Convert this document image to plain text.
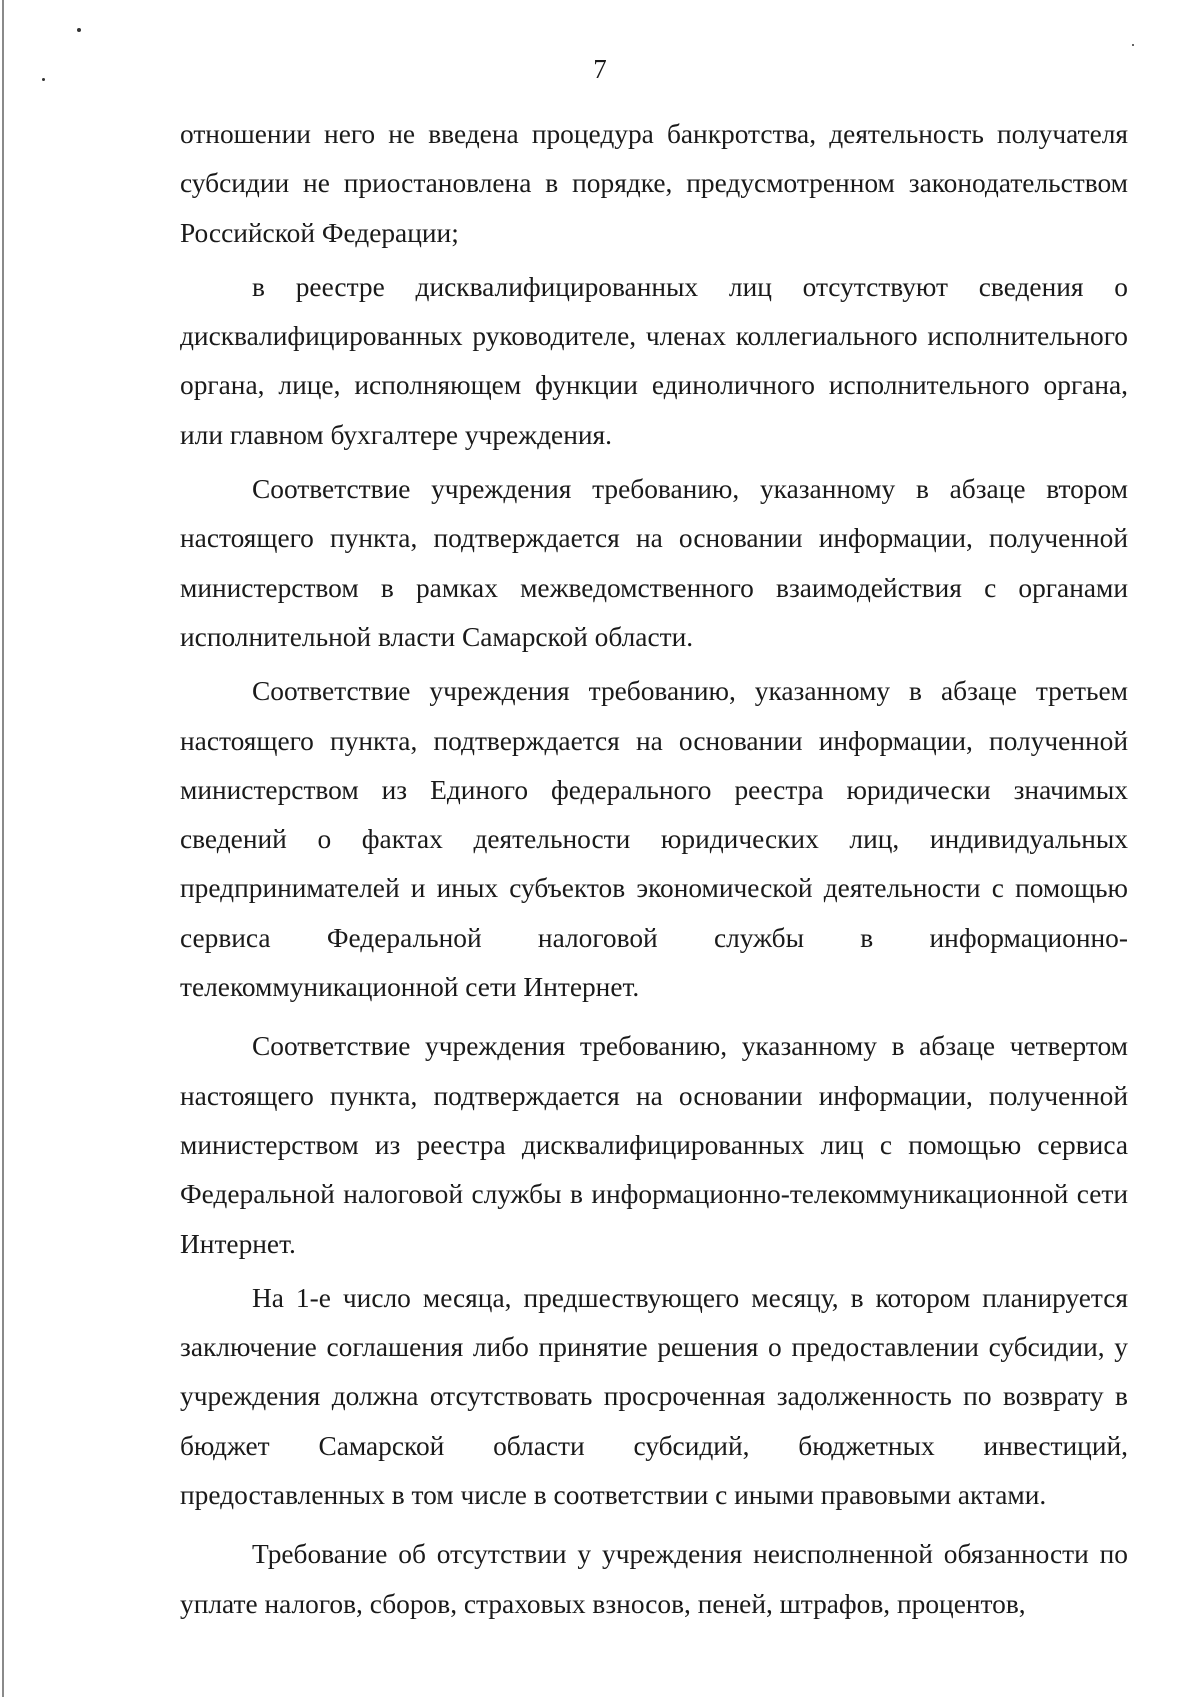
7

отношении него не введена процедура банкротства, деятельность получателя субсидии не приостановлена в порядке, предусмотренном законодательством Российской Федерации;

в реестре дисквалифицированных лиц отсутствуют сведения о дисквалифицированных руководителе, членах коллегиального исполнительного органа, лице, исполняющем функции единоличного исполнительного органа, или главном бухгалтере учреждения.

Соответствие учреждения требованию, указанному в абзаце втором настоящего пункта, подтверждается на основании информации, полученной министерством в рамках межведомственного взаимодействия с органами исполнительной власти Самарской области.

Соответствие учреждения требованию, указанному в абзаце третьем настоящего пункта, подтверждается на основании информации, полученной министерством из Единого федерального реестра юридически значимых сведений о фактах деятельности юридических лиц, индивидуальных предпринимателей и иных субъектов экономической деятельности с помощью сервиса Федеральной налоговой службы в информационно-телекоммуникационной сети Интернет.

Соответствие учреждения требованию, указанному в абзаце четвертом настоящего пункта, подтверждается на основании информации, полученной министерством из реестра дисквалифицированных лиц с помощью сервиса Федеральной налоговой службы в информационно-телекоммуникационной сети Интернет.

На 1-е число месяца, предшествующего месяцу, в котором планируется заключение соглашения либо принятие решения о предоставлении субсидии, у учреждения должна отсутствовать просроченная задолженность по возврату в бюджет Самарской области субсидий, бюджетных инвестиций, предоставленных в том числе в соответствии с иными правовыми актами.

Требование об отсутствии у учреждения неисполненной обязанности по уплате налогов, сборов, страховых взносов, пеней, штрафов, процентов,
